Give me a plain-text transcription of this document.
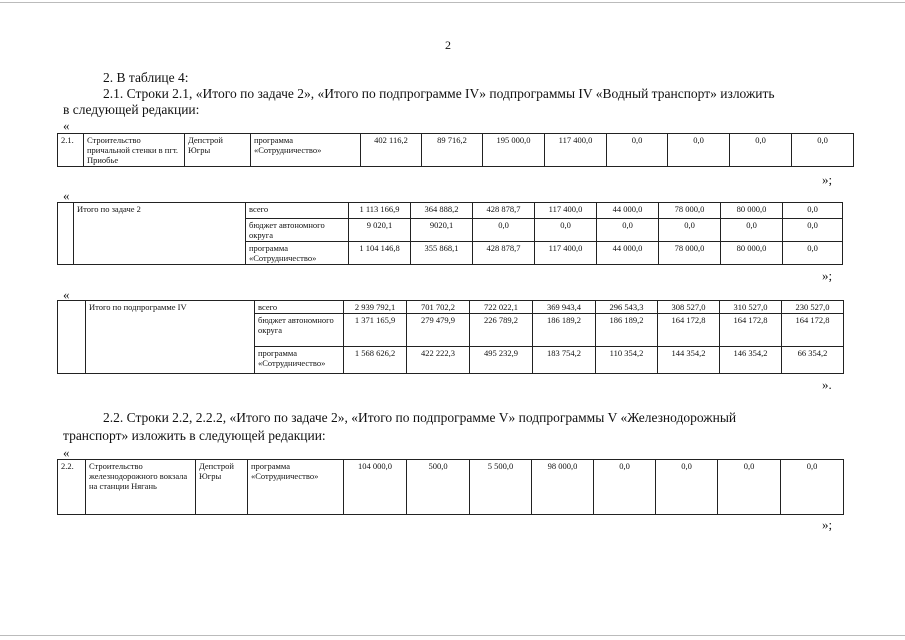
2
2. В таблице 4:
2.1. Строки 2.1, «Итого по задаче 2», «Итого по подпрограмме IV» подпрограммы IV «Водный транспорт» изложить
в следующей редакции:
«
2.1.	Строительство причальной стенки в пгт. Приобье	Депстрой Югры	программа «Сотрудничество»	402 116,2	89 716,2	195 000,0	117 400,0	0,0	0,0	0,0	0,0
»;
«
	Итого по задаче 2	всего	1 113 166,9	364 888,2	428 878,7	117 400,0	44 000,0	78 000,0	80 000,0	0,0
		бюджет автономного округа	9 020,1	9020,1	0,0	0,0	0,0	0,0	0,0	0,0
		программа «Сотрудничество»	1 104 146,8	355 868,1	428 878,7	117 400,0	44 000,0	78 000,0	80 000,0	0,0
»;
«
	Итого по подпрограмме IV	всего	2 939 792,1	701 702,2	722 022,1	369 943,4	296 543,3	308 527,0	310 527,0	230 527,0
		бюджет автономного округа	1 371 165,9	279 479,9	226 789,2	186 189,2	186 189,2	164 172,8	164 172,8	164 172,8
		программа «Сотрудничество»	1 568 626,2	422 222,3	495 232,9	183 754,2	110 354,2	144 354,2	146 354,2	66 354,2
».
2.2. Строки 2.2, 2.2.2, «Итого по задаче 2», «Итого по подпрограмме V» подпрограммы V «Железнодорожный
транспорт» изложить в следующей редакции:
«
2.2.	Строительство железнодорожного вокзала на станции Нягань	Депстрой Югры	программа «Сотрудничество»	104 000,0	500,0	5 500,0	98 000,0	0,0	0,0	0,0	0,0
»;
